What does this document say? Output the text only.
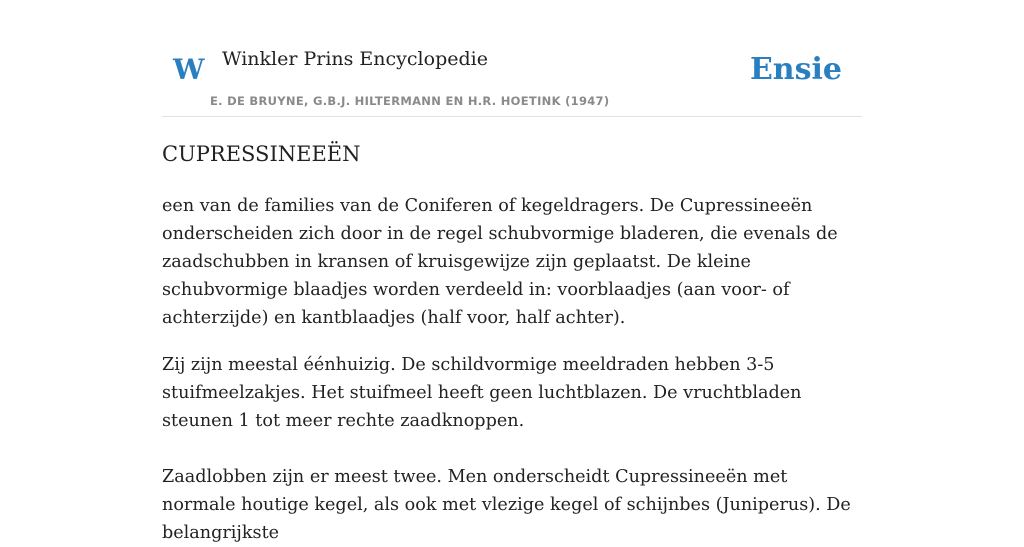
W Winkler Prins Encyclopedie	Ensie
E. DE BRUYNE, G.B.J. HILTERMANN EN H.R. HOETINK (1947)
CUPRESSINEEËN

een van de families van de Coniferen of kegeldragers. De Cupressineeën onderscheiden zich door in de regel schubvormige bladeren, die evenals de zaadschubben in kransen of kruisgewijze zijn geplaatst. De kleine schubvormige blaadjes worden verdeeld in: voorblaadjes (aan voor- of achterzijde) en kantblaadjes (half voor, half achter).

Zij zijn meestal éénhuizig. De schildvormige meeldraden hebben 3-5 stuifmeelzakjes. Het stuifmeel heeft geen luchtblazen. De vruchtbladen steunen 1 tot meer rechte zaadknoppen.

Zaadlobben zijn er meest twee. Men onderscheidt Cupressineeën met normale houtige kegel, als ook met vlezige kegel of schijnbes (Juniperus). De belangrijkste
